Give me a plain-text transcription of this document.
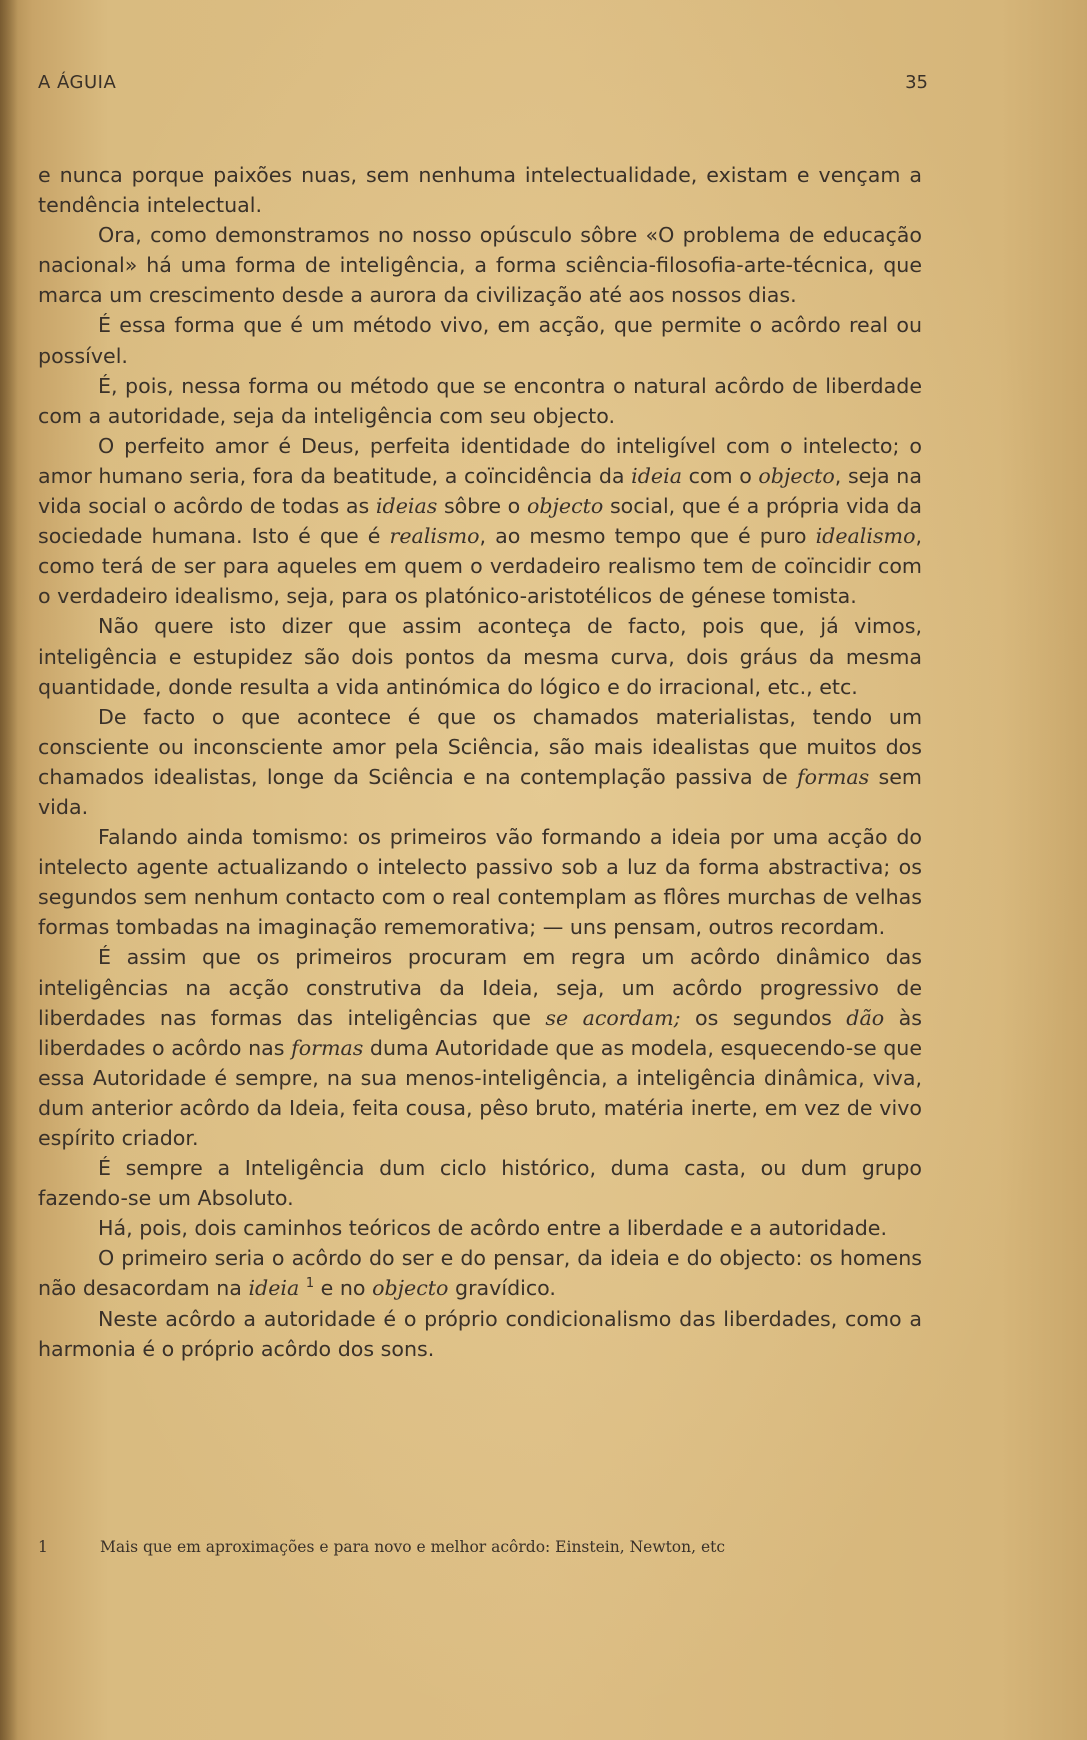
A ÁGUIA	35

e nunca porque paixões nuas, sem nenhuma intelectualidade, existam e vençam a tendência intelectual.

Ora, como demonstramos no nosso opúsculo sôbre «O problema de educação nacional» há uma forma de inteligência, a forma sciência-filosofia-arte-técnica, que marca um crescimento desde a aurora da civilização até aos nossos dias.

É essa forma que é um método vivo, em acção, que permite o acôrdo real ou possível.

É, pois, nessa forma ou método que se encontra o natural acôrdo de liberdade com a autoridade, seja da inteligência com seu objecto.

O perfeito amor é Deus, perfeita identidade do inteligível com o intelecto; o amor humano seria, fora da beatitude, a coïncidência da ideia com o objecto, seja na vida social o acôrdo de todas as ideias sôbre o objecto social, que é a própria vida da sociedade humana. Isto é que é realismo, ao mesmo tempo que é puro idealismo, como terá de ser para aqueles em quem o verdadeiro realismo tem de coïncidir com o verdadeiro idealismo, seja, para os platónico-aristotélicos de génese tomista.

Não quere isto dizer que assim aconteça de facto, pois que, já vimos, inteligência e estupidez são dois pontos da mesma curva, dois gráus da mesma quantidade, donde resulta a vida antinómica do lógico e do irracional, etc., etc.

De facto o que acontece é que os chamados materialistas, tendo um consciente ou inconsciente amor pela Sciência, são mais idealistas que muitos dos chamados idealistas, longe da Sciência e na contemplação passiva de formas sem vida.

Falando ainda tomismo: os primeiros vão formando a ideia por uma acção do intelecto agente actualizando o intelecto passivo sob a luz da forma abstractiva; os segundos sem nenhum contacto com o real contemplam as flôres murchas de velhas formas tombadas na imaginação rememorativa; — uns pensam, outros recordam.

É assim que os primeiros procuram em regra um acôrdo dinâmico das inteligências na acção construtiva da Ideia, seja, um acôrdo progressivo de liberdades nas formas das inteligências que se acordam; os segundos dão às liberdades o acôrdo nas formas duma Autoridade que as modela, esquecendo-se que essa Autoridade é sempre, na sua menos-inteligência, a inteligência dinâmica, viva, dum anterior acôrdo da Ideia, feita cousa, pêso bruto, matéria inerte, em vez de vivo espírito criador.

É sempre a Inteligência dum ciclo histórico, duma casta, ou dum grupo fazendo-se um Absoluto.

Há, pois, dois caminhos teóricos de acôrdo entre a liberdade e a autoridade.

O primeiro seria o acôrdo do ser e do pensar, da ideia e do objecto: os homens não desacordam na ideia $^1$ e no objecto gravídico.

Neste acôrdo a autoridade é o próprio condicionalismo das liberdades, como a harmonia é o próprio acôrdo dos sons.

1	Mais que em aproximações e para novo e melhor acôrdo: Einstein, Newton, etc
